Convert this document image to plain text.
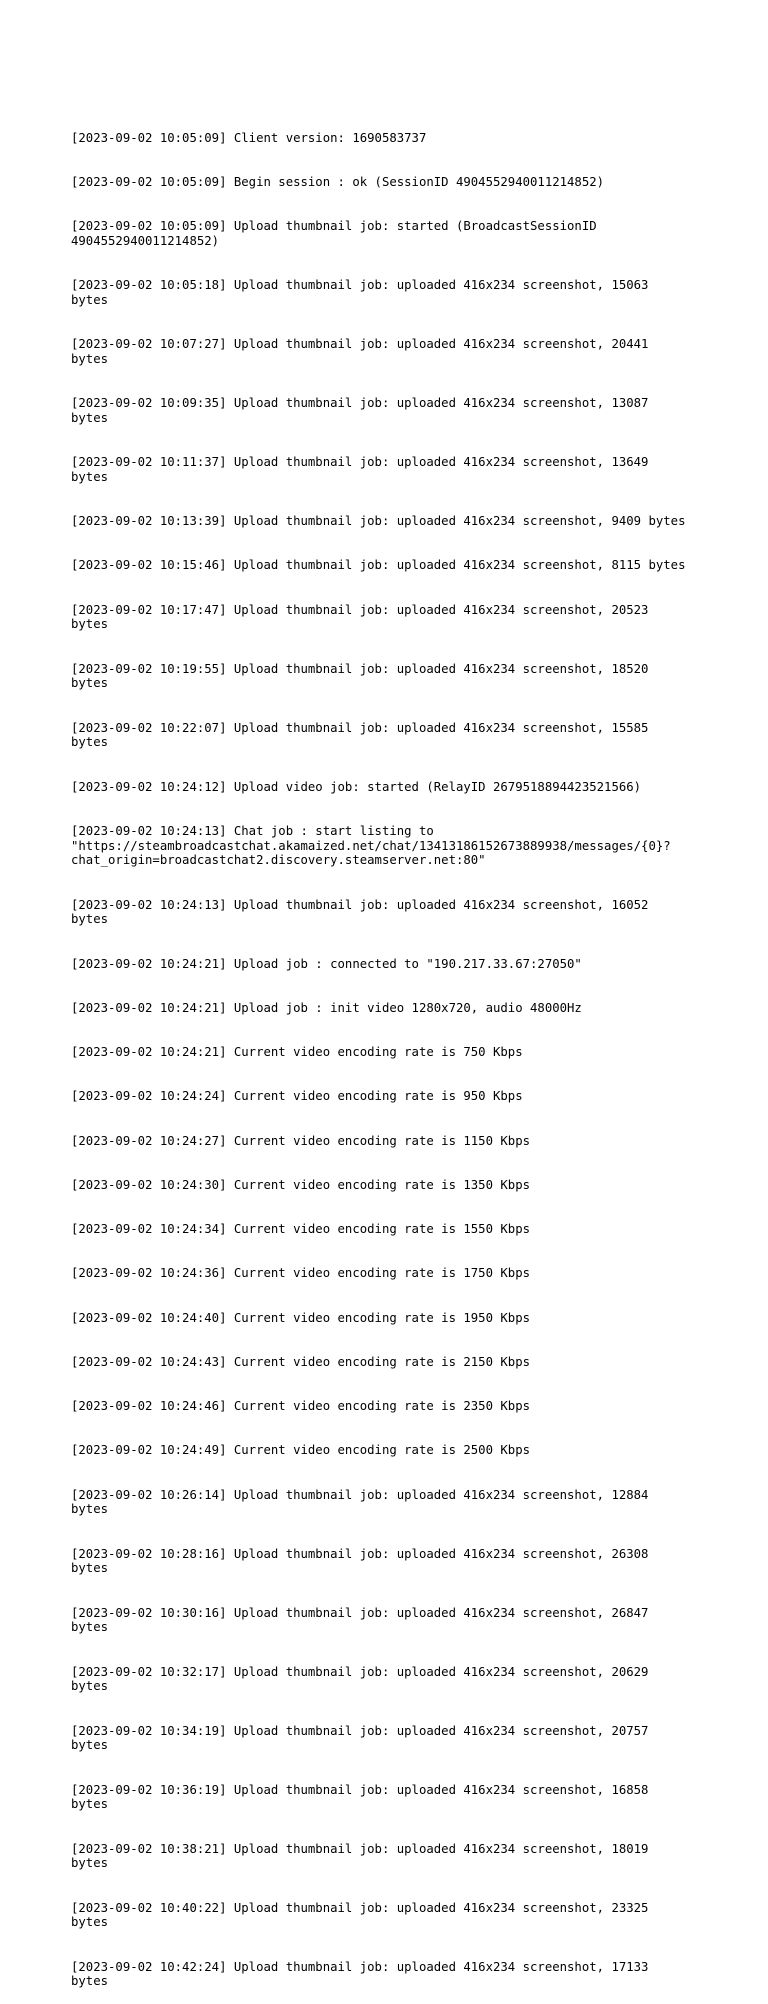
[2023-09-02 10:05:09] Client version: 1690583737

[2023-09-02 10:05:09] Begin session : ok (SessionID 4904552940011214852)

[2023-09-02 10:05:09] Upload thumbnail job: started (BroadcastSessionID
4904552940011214852)

[2023-09-02 10:05:18] Upload thumbnail job: uploaded 416x234 screenshot, 15063
bytes

[2023-09-02 10:07:27] Upload thumbnail job: uploaded 416x234 screenshot, 20441
bytes

[2023-09-02 10:09:35] Upload thumbnail job: uploaded 416x234 screenshot, 13087
bytes

[2023-09-02 10:11:37] Upload thumbnail job: uploaded 416x234 screenshot, 13649
bytes

[2023-09-02 10:13:39] Upload thumbnail job: uploaded 416x234 screenshot, 9409 bytes

[2023-09-02 10:15:46] Upload thumbnail job: uploaded 416x234 screenshot, 8115 bytes

[2023-09-02 10:17:47] Upload thumbnail job: uploaded 416x234 screenshot, 20523
bytes

[2023-09-02 10:19:55] Upload thumbnail job: uploaded 416x234 screenshot, 18520
bytes

[2023-09-02 10:22:07] Upload thumbnail job: uploaded 416x234 screenshot, 15585
bytes

[2023-09-02 10:24:12] Upload video job: started (RelayID 2679518894423521566)

[2023-09-02 10:24:13] Chat job : start listing to
"https://steambroadcastchat.akamaized.net/chat/13413186152673889938/messages/{0}?
chat_origin=broadcastchat2.discovery.steamserver.net:80"

[2023-09-02 10:24:13] Upload thumbnail job: uploaded 416x234 screenshot, 16052
bytes

[2023-09-02 10:24:21] Upload job : connected to "190.217.33.67:27050"

[2023-09-02 10:24:21] Upload job : init video 1280x720, audio 48000Hz

[2023-09-02 10:24:21] Current video encoding rate is 750 Kbps

[2023-09-02 10:24:24] Current video encoding rate is 950 Kbps

[2023-09-02 10:24:27] Current video encoding rate is 1150 Kbps

[2023-09-02 10:24:30] Current video encoding rate is 1350 Kbps

[2023-09-02 10:24:34] Current video encoding rate is 1550 Kbps

[2023-09-02 10:24:36] Current video encoding rate is 1750 Kbps

[2023-09-02 10:24:40] Current video encoding rate is 1950 Kbps

[2023-09-02 10:24:43] Current video encoding rate is 2150 Kbps

[2023-09-02 10:24:46] Current video encoding rate is 2350 Kbps

[2023-09-02 10:24:49] Current video encoding rate is 2500 Kbps

[2023-09-02 10:26:14] Upload thumbnail job: uploaded 416x234 screenshot, 12884
bytes

[2023-09-02 10:28:16] Upload thumbnail job: uploaded 416x234 screenshot, 26308
bytes

[2023-09-02 10:30:16] Upload thumbnail job: uploaded 416x234 screenshot, 26847
bytes

[2023-09-02 10:32:17] Upload thumbnail job: uploaded 416x234 screenshot, 20629
bytes

[2023-09-02 10:34:19] Upload thumbnail job: uploaded 416x234 screenshot, 20757
bytes

[2023-09-02 10:36:19] Upload thumbnail job: uploaded 416x234 screenshot, 16858
bytes

[2023-09-02 10:38:21] Upload thumbnail job: uploaded 416x234 screenshot, 18019
bytes

[2023-09-02 10:40:22] Upload thumbnail job: uploaded 416x234 screenshot, 23325
bytes

[2023-09-02 10:42:24] Upload thumbnail job: uploaded 416x234 screenshot, 17133
bytes
